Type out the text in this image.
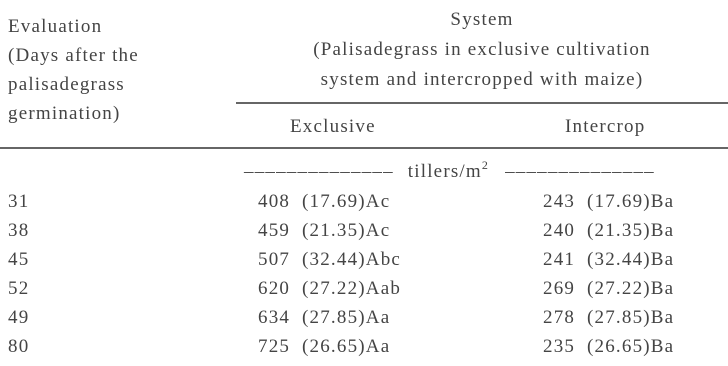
Evaluation
(Days after the
palisadegrass
germination)
System
(Palisadegrass in exclusive cultivation
system and intercropped with maize)
Exclusive	Intercrop
–––––––––––––– tillers/$m^2$ ––––––––––––––
31	408  (17.69)Ac	243  (17.69)Ba
38	459  (21.35)Ac	240  (21.35)Ba
45	507  (32.44)Abc	241  (32.44)Ba
52	620  (27.22)Aab	269  (27.22)Ba
49	634  (27.85)Aa	278  (27.85)Ba
80	725  (26.65)Aa	235  (26.65)Ba
